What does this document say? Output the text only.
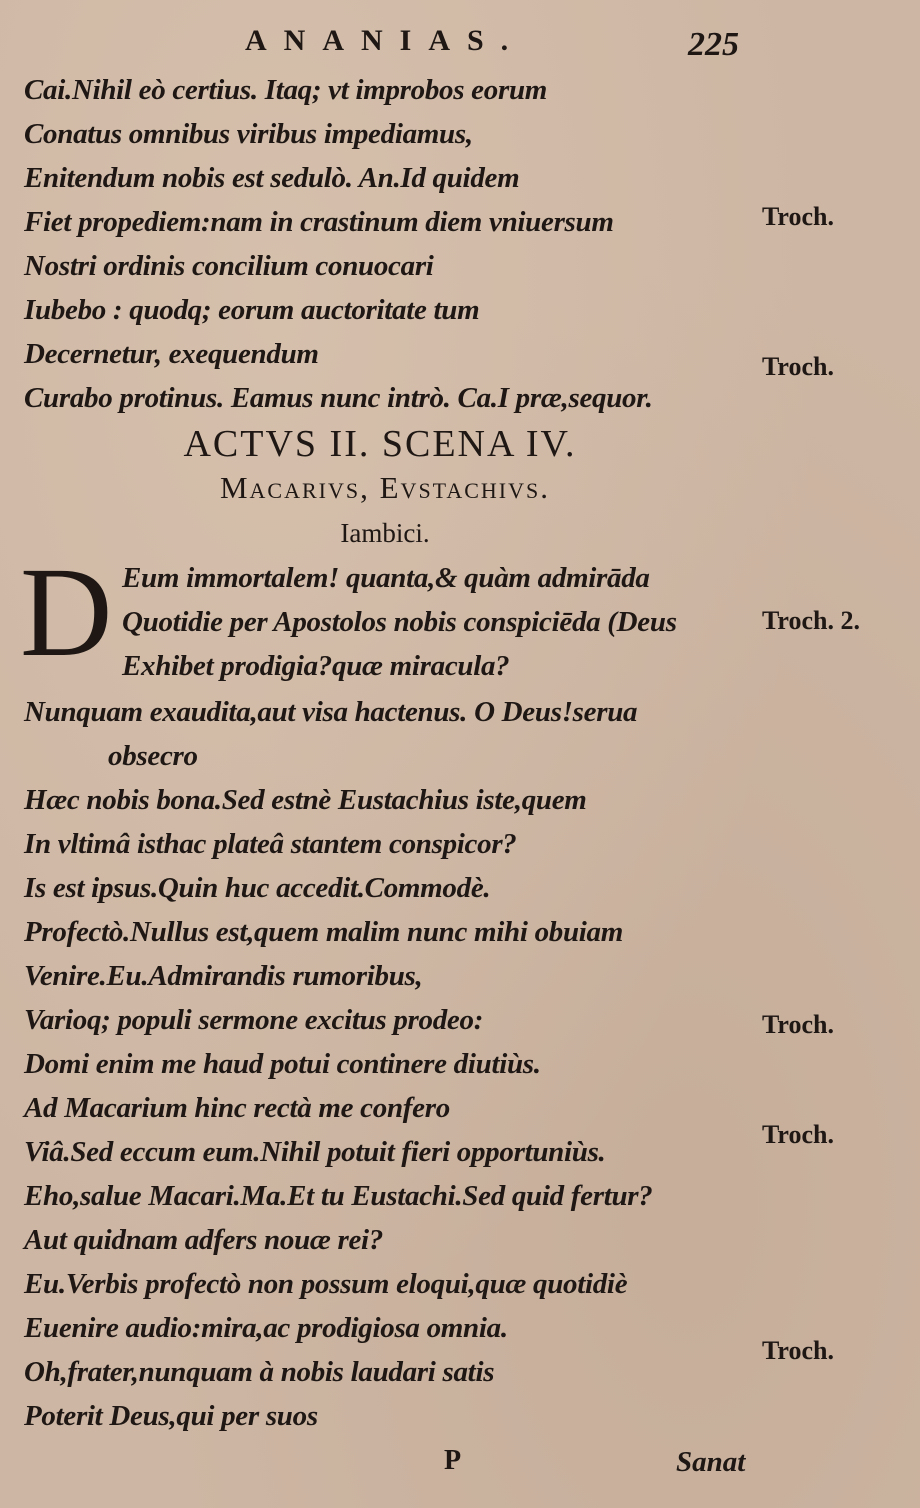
ANANIAS.	225
Cai.Nihil eò certius. Itaq; vt improbos eorum
Conatus omnibus viribus impediamus,
Enitendum nobis est sedulò. An.Id quidem
Fiet propediem:nam in crastinum diem vniuersum
Nostri ordinis concilium conuocari
Iubebo : quodq; eorum auctoritate tum
Decernetur, exequendum
Curabo protinus. Eamus nunc intrò. Ca.I præ,sequor.
ACTVS II. SCENA IV.
Macarivs, Evstachivs.
Iambici.
D Eum immortalem! quanta,& quàm admirāda
Quotidie per Apostolos nobis conspiciēda (Deus
Exhibet prodigia?quæ miracula?
Nunquam exaudita,aut visa hactenus. O Deus!serua
obsecro
Hæc nobis bona.Sed estnè Eustachius iste,quem
In vltimâ isthac plateâ stantem conspicor?
Is est ipsus.Quin huc accedit.Commodè.
Profectò.Nullus est,quem malim nunc mihi obuiam
Venire.Eu.Admirandis rumoribus,
Varioq; populi sermone excitus prodeo:
Domi enim me haud potui continere diutiùs.
Ad Macarium hinc rectà me confero
Viâ.Sed eccum eum.Nihil potuit fieri opportuniùs.
Eho,salue Macari.Ma.Et tu Eustachi.Sed quid fertur?
Aut quidnam adfers nouæ rei?
Eu.Verbis profectò non possum eloqui,quæ quotidiè
Euenire audio:mira,ac prodigiosa omnia.
Oh,frater,nunquam à nobis laudari satis
Poterit Deus,qui per suos
Troch.
Troch.
Troch. 2.
Troch.
Troch.
Troch.
P	Sanat
